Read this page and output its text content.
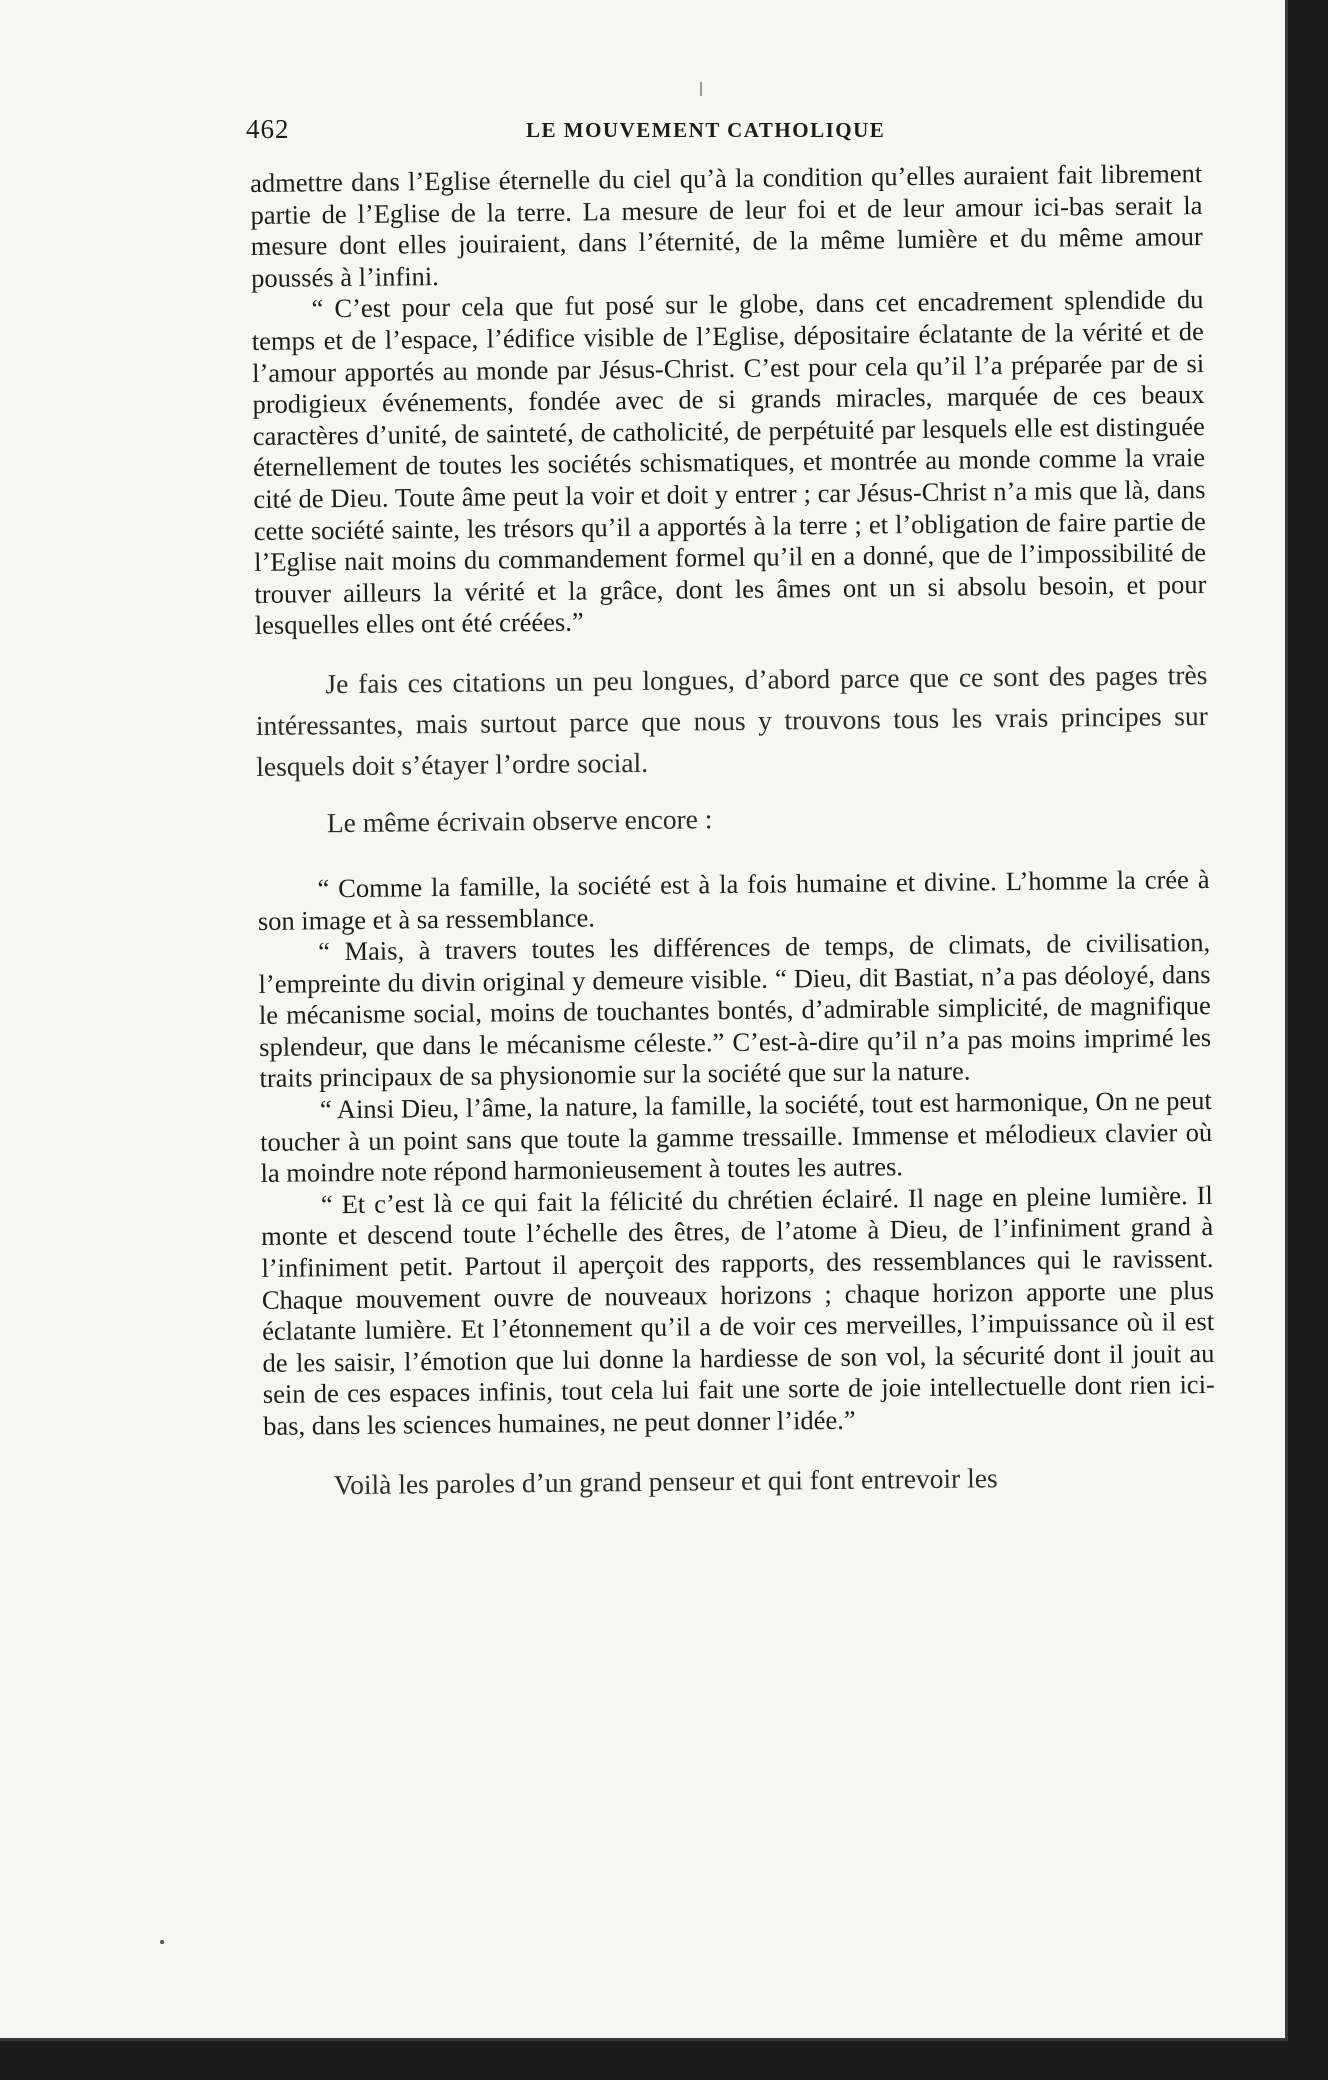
462	LE MOUVEMENT CATHOLIQUE

admettre dans l’Eglise éternelle du ciel qu’à la condition qu’elles auraient fait librement partie de l’Eglise de la terre. La mesure de leur foi et de leur amour ici-bas serait la mesure dont elles jouiraient, dans l’éternité, de la même lumière et du même amour poussés à l’infini.

“ C’est pour cela que fut posé sur le globe, dans cet encadrement splendide du temps et de l’espace, l’édifice visible de l’Eglise, dépositaire éclatante de la vérité et de l’amour apportés au monde par Jésus-Christ. C’est pour cela qu’il l’a préparée par de si prodigieux événements, fondée avec de si grands miracles, marquée de ces beaux caractères d’unité, de sainteté, de catholicité, de perpétuité par lesquels elle est distinguée éternellement de toutes les sociétés schismatiques, et montrée au monde comme la vraie cité de Dieu. Toute âme peut la voir et doit y entrer ; car Jésus-Christ n’a mis que là, dans cette société sainte, les trésors qu’il a apportés à la terre ; et l’obligation de faire partie de l’Eglise nait moins du commandement formel qu’il en a donné, que de l’impossibilité de trouver ailleurs la vérité et la grâce, dont les âmes ont un si absolu besoin, et pour lesquelles elles ont été créées.”

Je fais ces citations un peu longues, d’abord parce que ce sont des pages très intéressantes, mais surtout parce que nous y trouvons tous les vrais principes sur lesquels doit s’étayer l’ordre social.

Le même écrivain observe encore :

“ Comme la famille, la société est à la fois humaine et divine. L’homme la crée à son image et à sa ressemblance.

“ Mais, à travers toutes les différences de temps, de climats, de civilisation, l’empreinte du divin original y demeure visible. “ Dieu, dit Bastiat, n’a pas déoloyé, dans le mécanisme social, moins de touchantes bontés, d’admirable simplicité, de magnifique splendeur, que dans le mécanisme céleste.” C’est-à-dire qu’il n’a pas moins imprimé les traits principaux de sa physionomie sur la société que sur la nature.

“ Ainsi Dieu, l’âme, la nature, la famille, la société, tout est harmonique, On ne peut toucher à un point sans que toute la gamme tressaille. Immense et mélodieux clavier où la moindre note répond harmonieusement à toutes les autres.

“ Et c’est là ce qui fait la félicité du chrétien éclairé. Il nage en pleine lumière. Il monte et descend toute l’échelle des êtres, de l’atome à Dieu, de l’infiniment grand à l’infiniment petit. Partout il aperçoit des rapports, des ressemblances qui le ravissent. Chaque mouvement ouvre de nouveaux horizons ; chaque horizon apporte une plus éclatante lumière. Et l’étonnement qu’il a de voir ces merveilles, l’impuissance où il est de les saisir, l’émotion que lui donne la hardiesse de son vol, la sécurité dont il jouit au sein de ces espaces infinis, tout cela lui fait une sorte de joie intellectuelle dont rien ici-bas, dans les sciences humaines, ne peut donner l’idée.”

Voilà les paroles d’un grand penseur et qui font entrevoir les
